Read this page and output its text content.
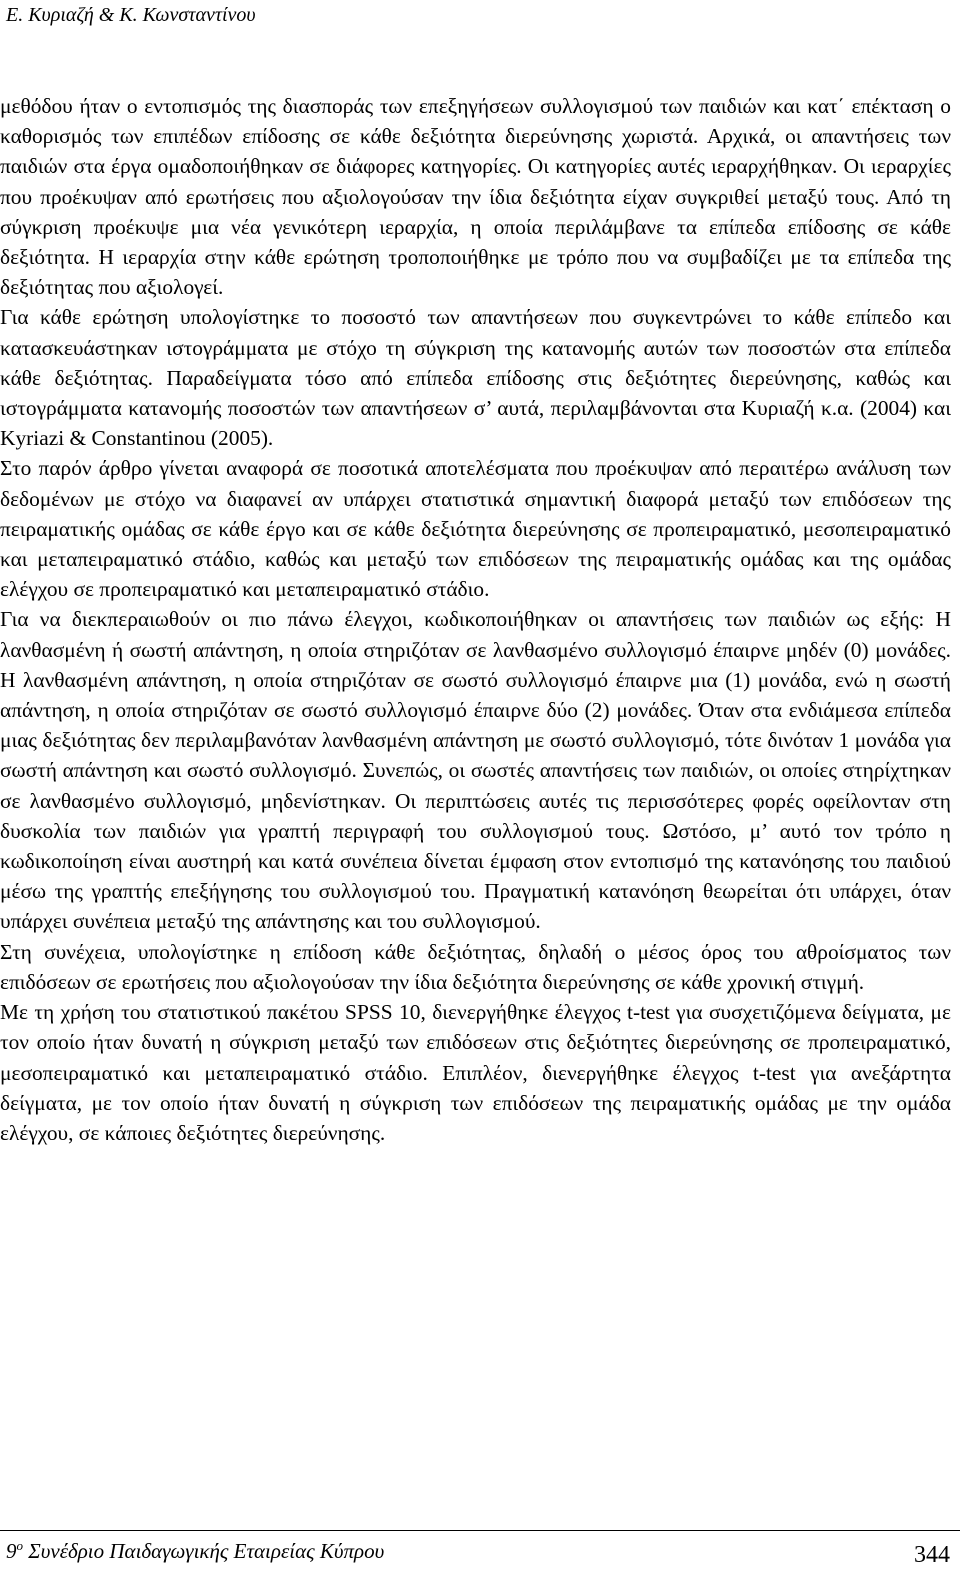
Ε. Κυριαζή & Κ. Κωνσταντίνου

μεθόδου ήταν ο εντοπισμός της διασποράς των επεξηγήσεων συλλογισμού των παιδιών και κατ΄ επέκταση ο καθορισμός των επιπέδων επίδοσης σε κάθε δεξιότητα διερεύνησης χωριστά. Αρχικά, οι απαντήσεις των παιδιών στα έργα ομαδοποιήθηκαν σε διάφορες κατηγορίες. Οι κατηγορίες αυτές ιεραρχήθηκαν. Οι ιεραρχίες που προέκυψαν από ερωτήσεις που αξιολογούσαν την ίδια δεξιότητα είχαν συγκριθεί μεταξύ τους. Από τη σύγκριση προέκυψε μια νέα γενικότερη ιεραρχία, η οποία περιλάμβανε τα επίπεδα επίδοσης σε κάθε δεξιότητα. Η ιεραρχία στην κάθε ερώτηση τροποποιήθηκε με τρόπο που να συμβαδίζει με τα επίπεδα της δεξιότητας που αξιολογεί.

Για κάθε ερώτηση υπολογίστηκε το ποσοστό των απαντήσεων που συγκεντρώνει το κάθε επίπεδο και κατασκευάστηκαν ιστογράμματα με στόχο τη σύγκριση της κατανομής αυτών των ποσοστών στα επίπεδα κάθε δεξιότητας. Παραδείγματα τόσο από επίπεδα επίδοσης στις δεξιότητες διερεύνησης, καθώς και ιστογράμματα κατανομής ποσοστών των απαντήσεων σ’ αυτά, περιλαμβάνονται στα Κυριαζή κ.α. (2004) και Kyriazi & Constantinou (2005).

Στο παρόν άρθρο γίνεται αναφορά σε ποσοτικά αποτελέσματα που προέκυψαν από περαιτέρω ανάλυση των δεδομένων με στόχο να διαφανεί αν υπάρχει στατιστικά σημαντική διαφορά μεταξύ των επιδόσεων της πειραματικής ομάδας σε κάθε έργο και σε κάθε δεξιότητα διερεύνησης σε προπειραματικό, μεσοπειραματικό και μεταπειραματικό στάδιο, καθώς και μεταξύ των επιδόσεων της πειραματικής ομάδας και της ομάδας ελέγχου σε προπειραματικό και μεταπειραματικό στάδιο.

Για να διεκπεραιωθούν οι πιο πάνω έλεγχοι, κωδικοποιήθηκαν οι απαντήσεις των παιδιών ως εξής: Η λανθασμένη ή σωστή απάντηση, η οποία στηριζόταν σε λανθασμένο συλλογισμό έπαιρνε μηδέν (0) μονάδες. Η λανθασμένη απάντηση, η οποία στηριζόταν σε σωστό συλλογισμό έπαιρνε μια (1) μονάδα, ενώ η σωστή απάντηση, η οποία στηριζόταν σε σωστό συλλογισμό έπαιρνε δύο (2) μονάδες. Όταν στα ενδιάμεσα επίπεδα μιας δεξιότητας δεν περιλαμβανόταν λανθασμένη απάντηση με σωστό συλλογισμό, τότε δινόταν 1 μονάδα για σωστή απάντηση και σωστό συλλογισμό. Συνεπώς, οι σωστές απαντήσεις των παιδιών, οι οποίες στηρίχτηκαν σε λανθασμένο συλλογισμό, μηδενίστηκαν. Οι περιπτώσεις αυτές τις περισσότερες φορές οφείλονταν στη δυσκολία των παιδιών για γραπτή περιγραφή του συλλογισμού τους. Ωστόσο, μ’ αυτό τον τρόπο η κωδικοποίηση είναι αυστηρή και κατά συνέπεια δίνεται έμφαση στον εντοπισμό της κατανόησης του παιδιού μέσω της γραπτής επεξήγησης του συλλογισμού του. Πραγματική κατανόηση θεωρείται ότι υπάρχει, όταν υπάρχει συνέπεια μεταξύ της απάντησης και του συλλογισμού.

Στη συνέχεια, υπολογίστηκε η επίδοση κάθε δεξιότητας, δηλαδή ο μέσος όρος του αθροίσματος των επιδόσεων σε ερωτήσεις που αξιολογούσαν την ίδια δεξιότητα διερεύνησης σε κάθε χρονική στιγμή.

Με τη χρήση του στατιστικού πακέτου SPSS 10, διενεργήθηκε έλεγχος t-test για συσχετιζόμενα δείγματα, με τον οποίο ήταν δυνατή η σύγκριση μεταξύ των επιδόσεων στις δεξιότητες διερεύνησης σε προπειραματικό, μεσοπειραματικό και μεταπειραματικό στάδιο. Επιπλέον, διενεργήθηκε έλεγχος t-test για ανεξάρτητα δείγματα, με τον οποίο ήταν δυνατή η σύγκριση των επιδόσεων της πειραματικής ομάδας με την ομάδα ελέγχου, σε κάποιες δεξιότητες διερεύνησης.

$9^o$ Συνέδριο Παιδαγωγικής Εταιρείας Κύπρου	344
